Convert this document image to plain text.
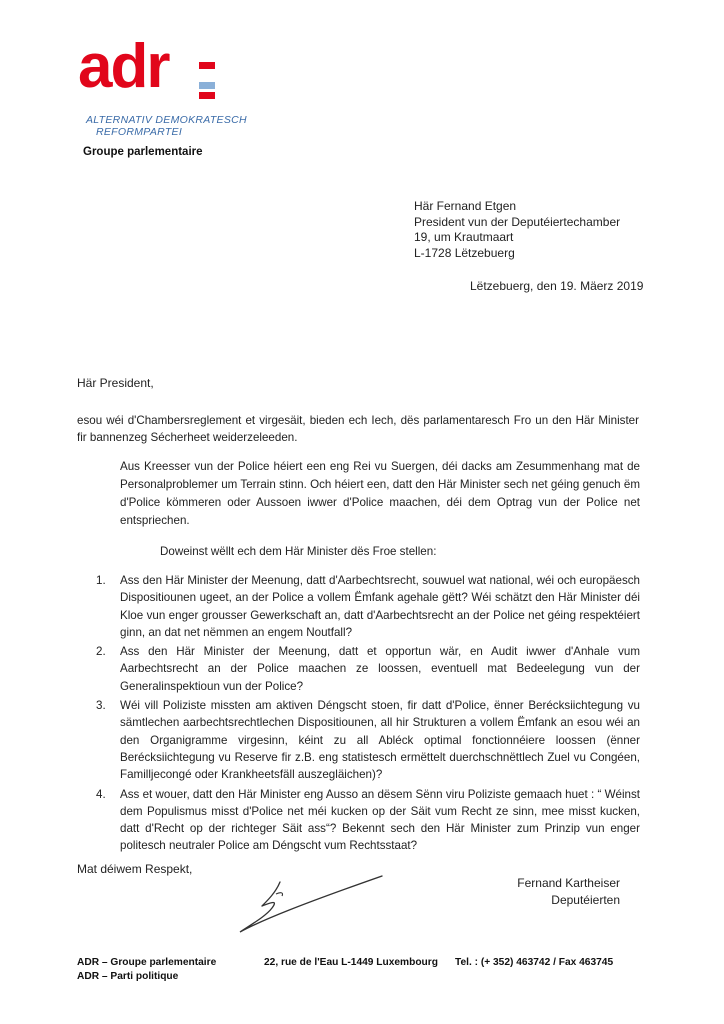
adr
ALTERNATIV DEMOKRATESCH
REFORMPARTEI
Groupe parlementaire
Här Fernand Etgen
President vun der Deputéiertechamber
19, um Krautmaart
L-1728 Lëtzebuerg
Lëtzebuerg, den 19. Mäerz 2019
Här President,
esou wéi d'Chambersreglement et virgesäit, bieden ech Iech, dës parlamentaresch Fro un den Här Minister fir bannenzeg Sécherheet weiderzeleeden.
Aus Kreesser vun der Police héiert een eng Rei vu Suergen, déi dacks am Zesummenhang mat de Personalproblemer um Terrain stinn. Och héiert een, datt den Här Minister sech net géing genuch ëm d'Police kömmeren oder Aussoen iwwer d'Police maachen, déi dem Optrag vun der Police net entspriechen.
Doweinst wëllt ech dem Här Minister dës Froe stellen:
1. Ass den Här Minister der Meenung, datt d'Aarbechtsrecht, souwuel wat national, wéi och europäesch Dispositiounen ugeet, an der Police a vollem Ëmfank agehale gëtt? Wéi schätzt den Här Minister déi Kloe vun enger grousser Gewerkschaft an, datt d'Aarbechtsrecht an der Police net géing respektéiert ginn, an dat net nëmmen an engem Noutfall?
2. Ass den Här Minister der Meenung, datt et opportun wär, en Audit iwwer d'Anhale vum Aarbechtsrecht an der Police maachen ze loossen, eventuell mat Bedeelegung vun der Generalinspektioun vun der Police?
3. Wéi vill Polizistе missten am aktiven Déngscht stoen, fir datt d'Police, ënner Berécksiichtegung vu sämtlechen aarbechtsrechtlechen Dispositiounen, all hir Strukturen a vollem Ëmfank an esou wéi an den Organigramme virgesinn, kéint zu all Abléck optimal fonctionnéiere loossen (ënner Berécksiichtegung vu Reserve fir z.B. eng statistesch ermëttelt duerchschnëttlech Zuel vu Congéen, Familljecongé oder Krankheetsfäll auszegläichen)?
4. Ass et wouer, datt den Här Minister eng Ausso an dësem Sënn viru Polizistе gemaach huet : “ Wéinst dem Populismus misst d'Police net méi kucken op der Säit vum Recht ze sinn, mee misst kucken, datt d'Recht op der richteger Säit ass“? Bekennt sech den Här Minister zum Prinzip vun enger politesch neutraler Police am Déngscht vum Rechtsstaat?
Mat déiwem Respekt,
Fernand Kartheiser
Deputéierten
ADR – Groupe parlementaire
ADR – Parti politique
22, rue de l'Eau L-1449 Luxembourg Tel. : (+ 352) 463742 / Fax 463745
